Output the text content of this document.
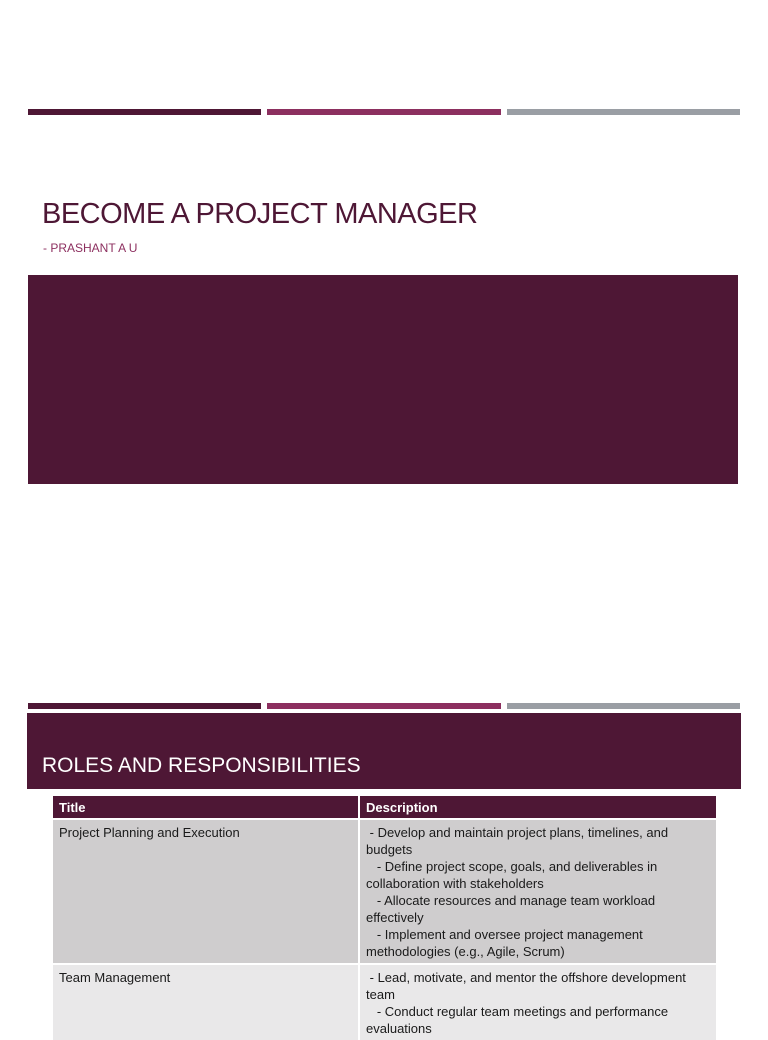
BECOME A PROJECT MANAGER

- PRASHANT A U

ROLES AND RESPONSIBILITIES
Title	Description
Project Planning and Execution	- Develop and maintain project plans, timelines, and budgets
- Define project scope, goals, and deliverables in collaboration with stakeholders
- Allocate resources and manage team workload effectively
- Implement and oversee project management methodologies (e.g., Agile, Scrum)

Team Management	- Lead, motivate, and mentor the offshore development team
- Conduct regular team meetings and performance evaluations
